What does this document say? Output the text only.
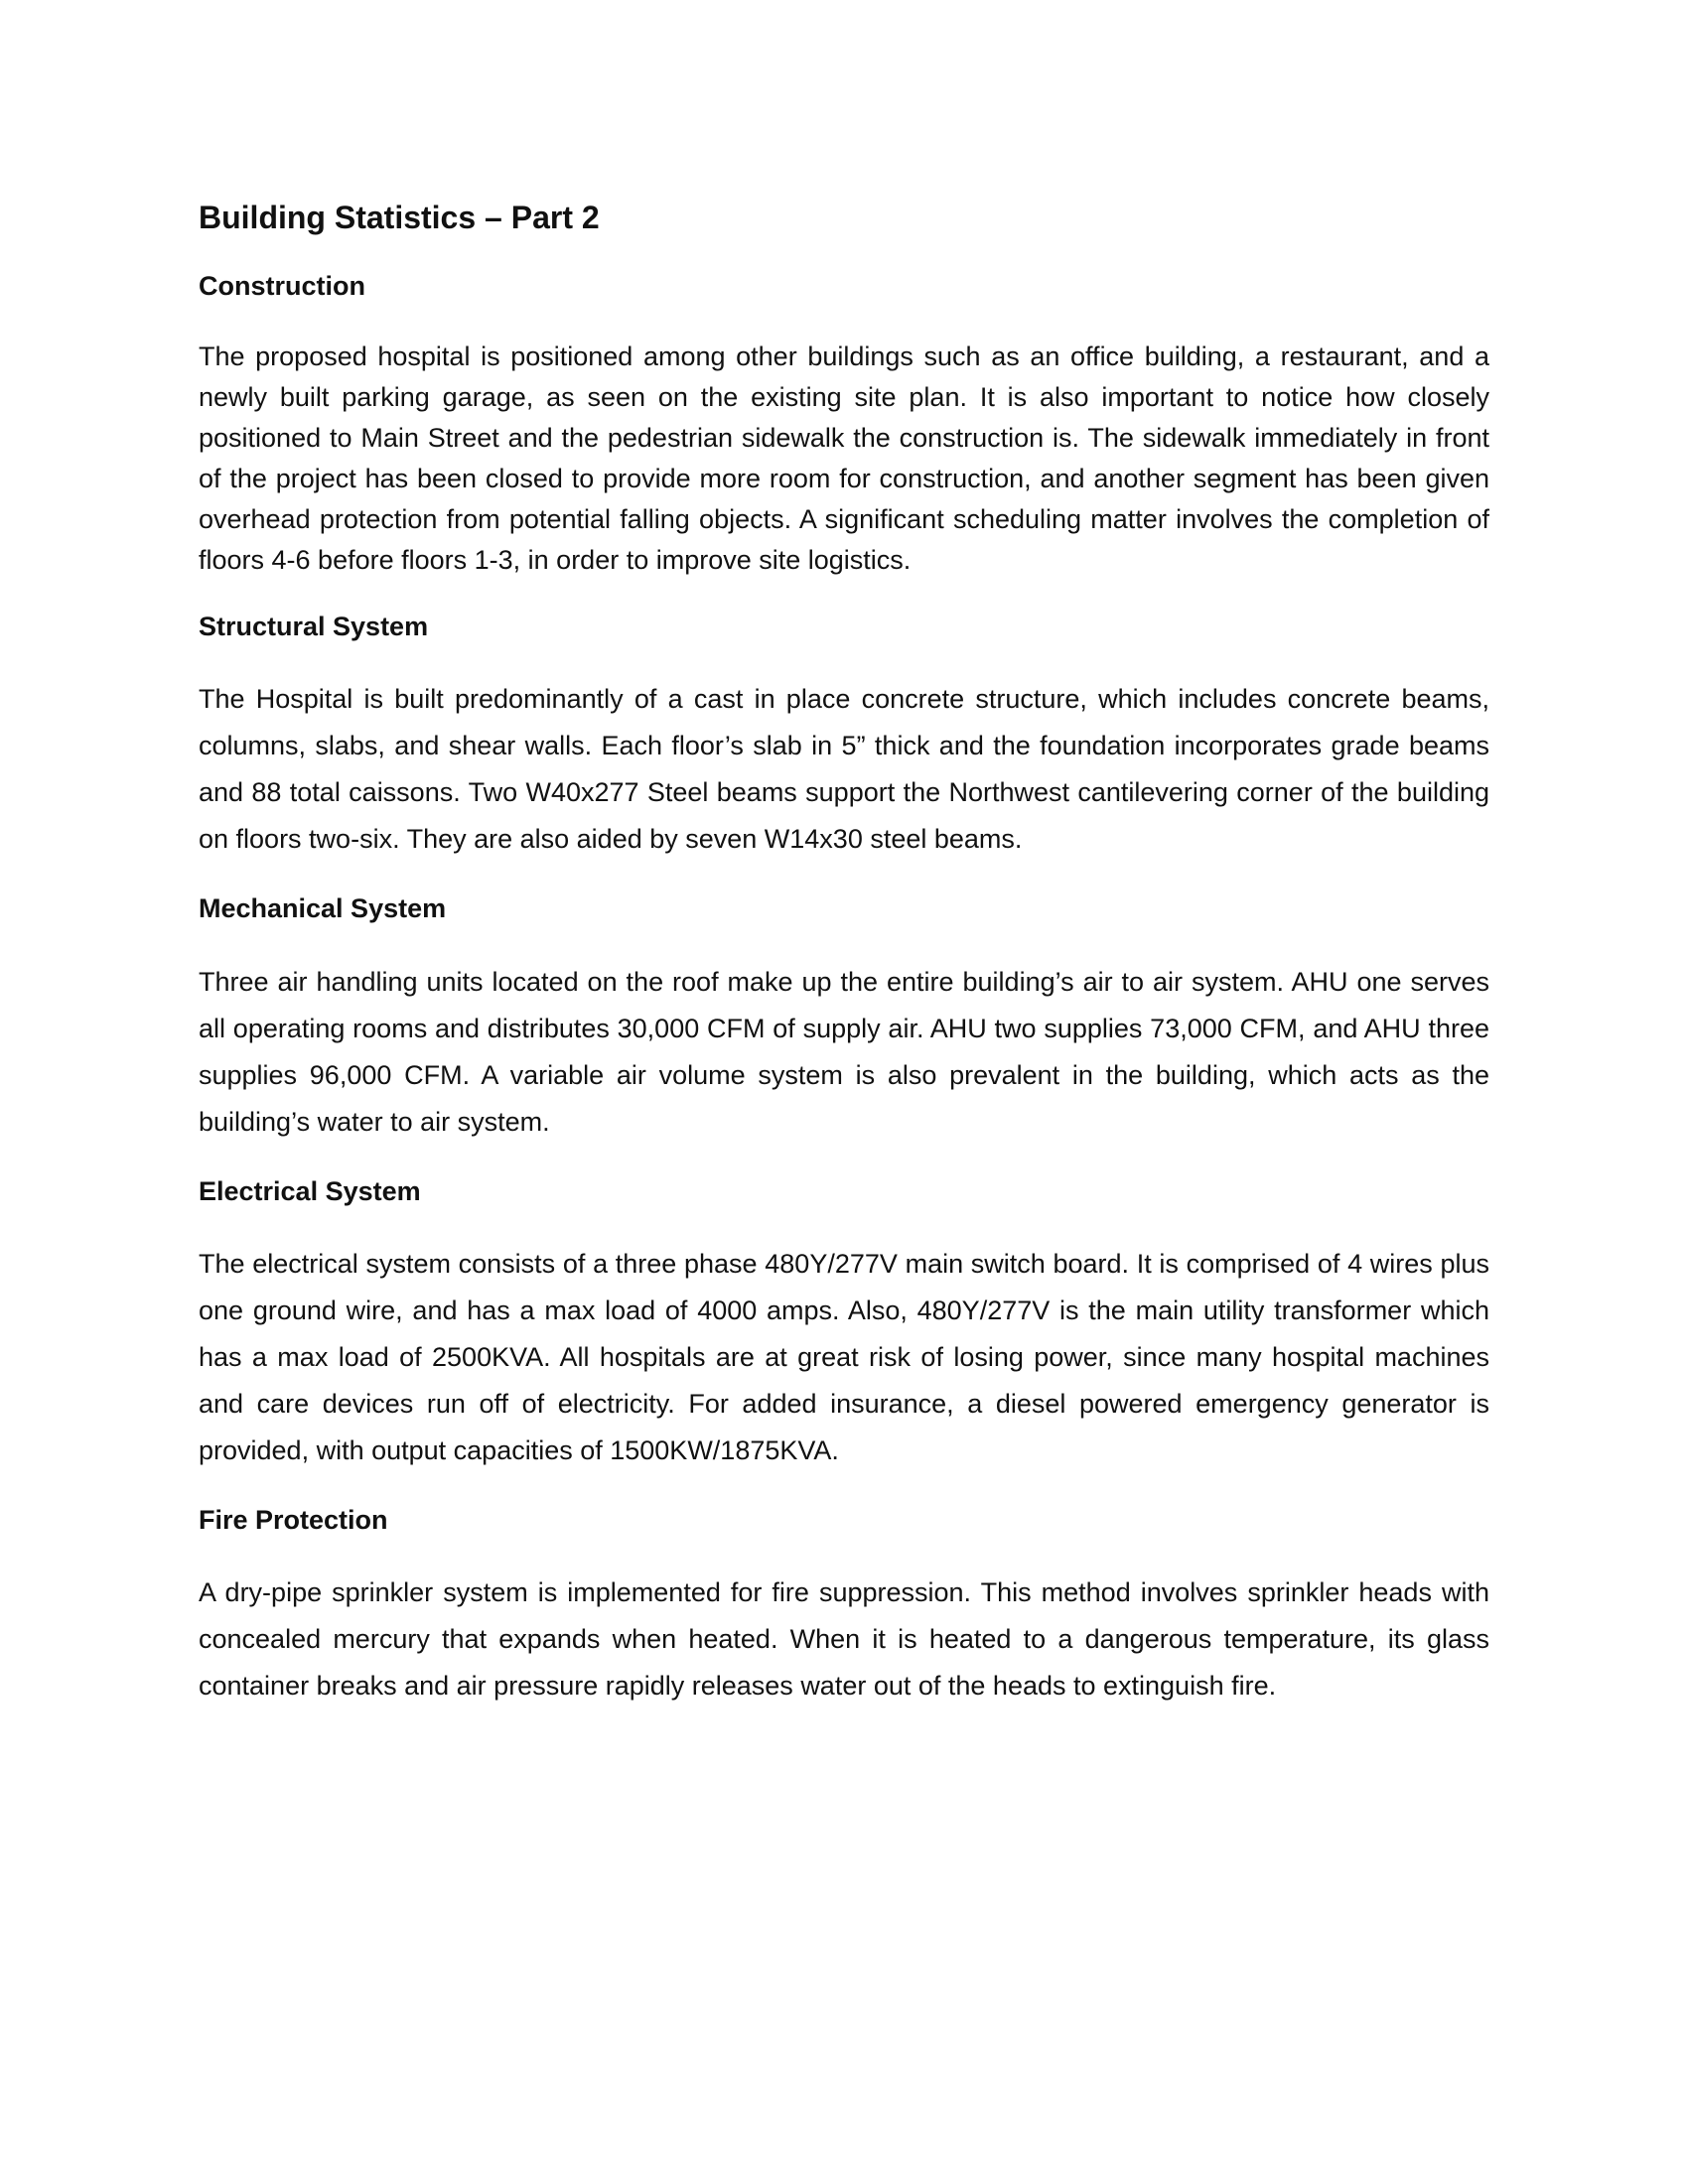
Building Statistics – Part 2
Construction

The proposed hospital is positioned among other buildings such as an office building, a restaurant, and a newly built parking garage, as seen on the existing site plan. It is also important to notice how closely positioned to Main Street and the pedestrian sidewalk the construction is. The sidewalk immediately in front of the project has been closed to provide more room for construction, and another segment has been given overhead protection from potential falling objects. A significant scheduling matter involves the completion of floors 4-6 before floors 1-3, in order to improve site logistics.

Structural System

The Hospital is built predominantly of a cast in place concrete structure, which includes concrete beams, columns, slabs, and shear walls. Each floor’s slab in 5” thick and the foundation incorporates grade beams and 88 total caissons. Two W40x277 Steel beams support the Northwest cantilevering corner of the building on floors two-six. They are also aided by seven W14x30 steel beams.

Mechanical System

Three air handling units located on the roof make up the entire building’s air to air system. AHU one serves all operating rooms and distributes 30,000 CFM of supply air. AHU two supplies 73,000 CFM, and AHU three supplies 96,000 CFM. A variable air volume system is also prevalent in the building, which acts as the building’s water to air system.

Electrical System

The electrical system consists of a three phase 480Y/277V main switch board. It is comprised of 4 wires plus one ground wire, and has a max load of 4000 amps. Also, 480Y/277V is the main utility transformer which has a max load of 2500KVA. All hospitals are at great risk of losing power, since many hospital machines and care devices run off of electricity. For added insurance, a diesel powered emergency generator is provided, with output capacities of 1500KW/1875KVA.

Fire Protection

A dry-pipe sprinkler system is implemented for fire suppression. This method involves sprinkler heads with concealed mercury that expands when heated. When it is heated to a dangerous temperature, its glass container breaks and air pressure rapidly releases water out of the heads to extinguish fire.
